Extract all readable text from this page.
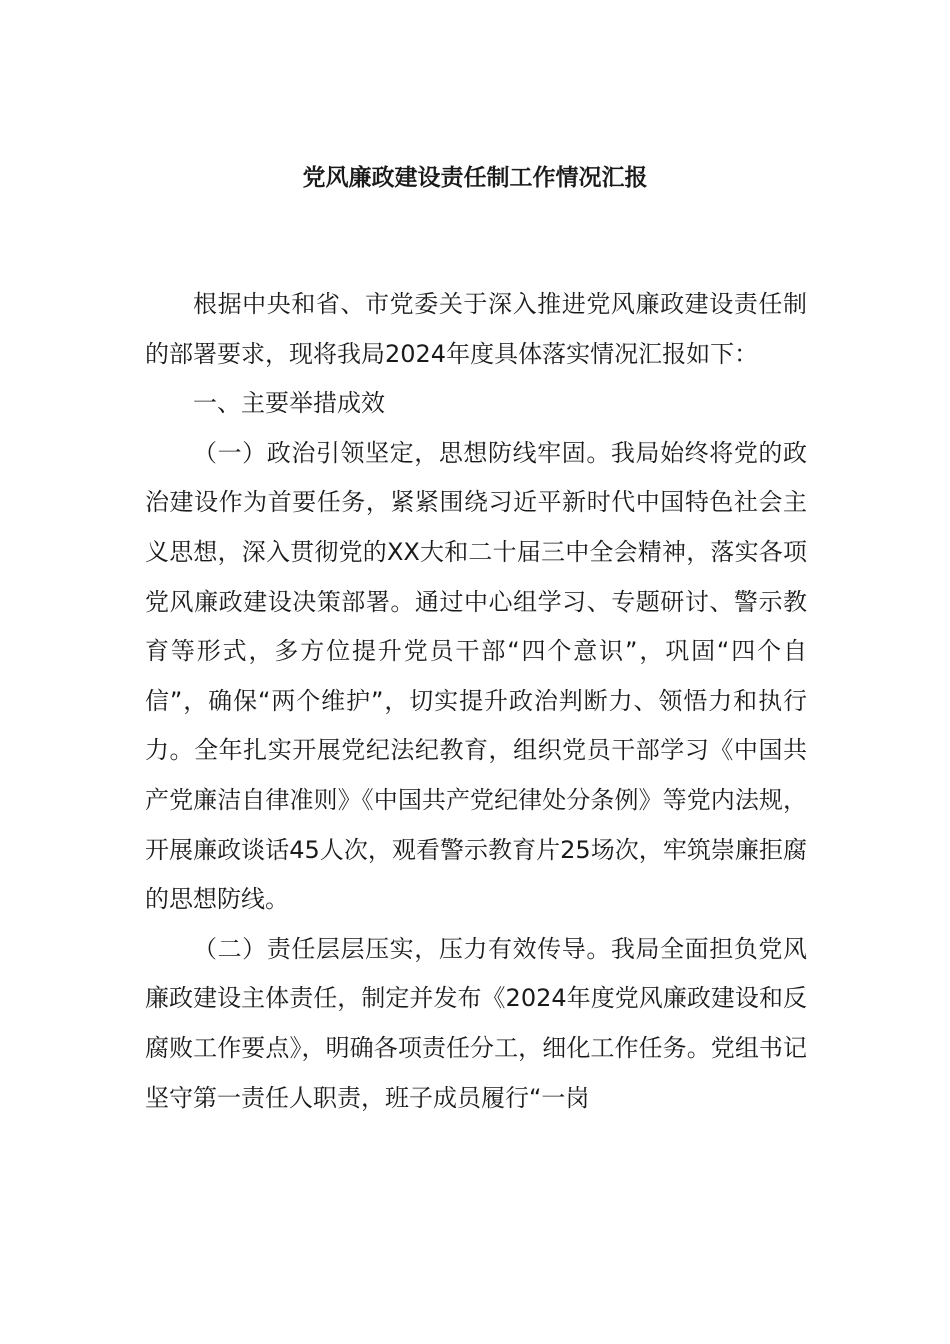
党风廉政建设责任制工作情况汇报

根据中央和省、市党委关于深入推进党风廉政建设责任制的部署要求，现将我局2024年度具体落实情况汇报如下：

一、主要举措成效

（一）政治引领坚定，思想防线牢固。我局始终将党的政治建设作为首要任务，紧紧围绕习近平新时代中国特色社会主义思想，深入贯彻党的XX大和二十届三中全会精神，落实各项党风廉政建设决策部署。通过中心组学习、专题研讨、警示教育等形式，多方位提升党员干部“四个意识”，巩固“四个自信”，确保“两个维护”，切实提升政治判断力、领悟力和执行力。全年扎实开展党纪法纪教育，组织党员干部学习《中国共产党廉洁自律准则》《中国共产党纪律处分条例》等党内法规，开展廉政谈话45人次，观看警示教育片25场次，牢筑崇廉拒腐的思想防线。

（二）责任层层压实，压力有效传导。我局全面担负党风廉政建设主体责任，制定并发布《2024年度党风廉政建设和反腐败工作要点》，明确各项责任分工，细化工作任务。党组书记坚守第一责任人职责，班子成员履行“一岗
